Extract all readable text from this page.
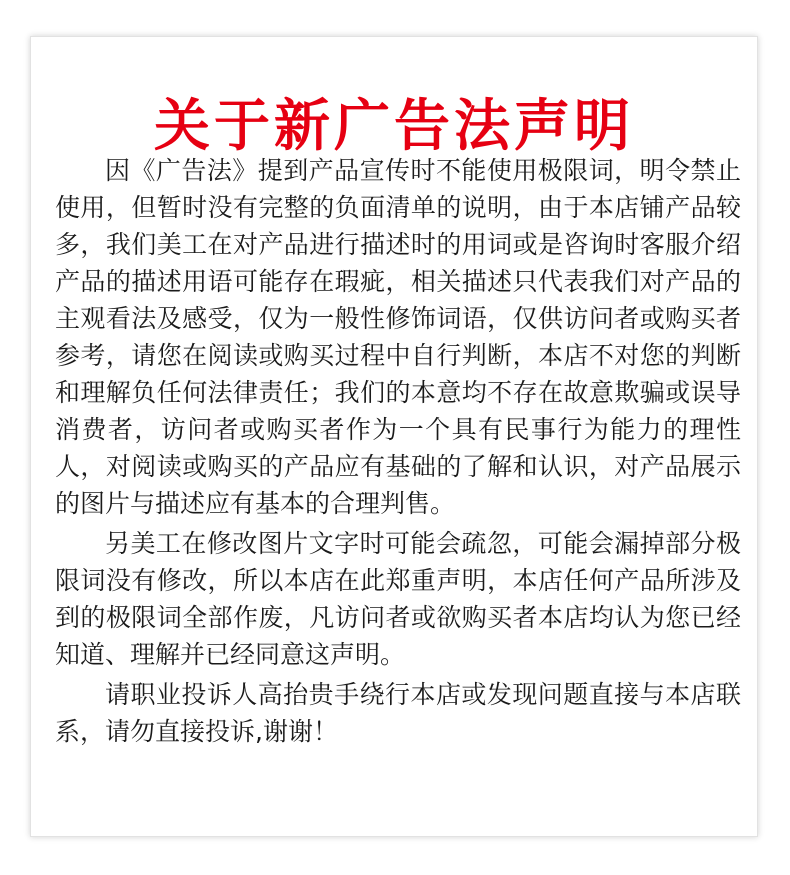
关于新广告法声明

因《广告法》提到产品宣传时不能使用极限词，明令禁止使用，但暂时没有完整的负面清单的说明，由于本店铺产品较多，我们美工在对产品进行描述时的用词或是咨询时客服介绍产品的描述用语可能存在瑕疵，相关描述只代表我们对产品的主观看法及感受，仅为一般性修饰词语，仅供访问者或购买者参考，请您在阅读或购买过程中自行判断，本店不对您的判断和理解负任何法律责任；我们的本意均不存在故意欺骗或误导消费者，访问者或购买者作为一个具有民事行为能力的理性人，对阅读或购买的产品应有基础的了解和认识，对产品展示的图片与描述应有基本的合理判售。

另美工在修改图片文字时可能会疏忽，可能会漏掉部分极限词没有修改，所以本店在此郑重声明，本店任何产品所涉及到的极限词全部作废，凡访问者或欲购买者本店均认为您已经知道、理解并已经同意这声明。

请职业投诉人高抬贵手绕行本店或发现问题直接与本店联系，请勿直接投诉,谢谢！
